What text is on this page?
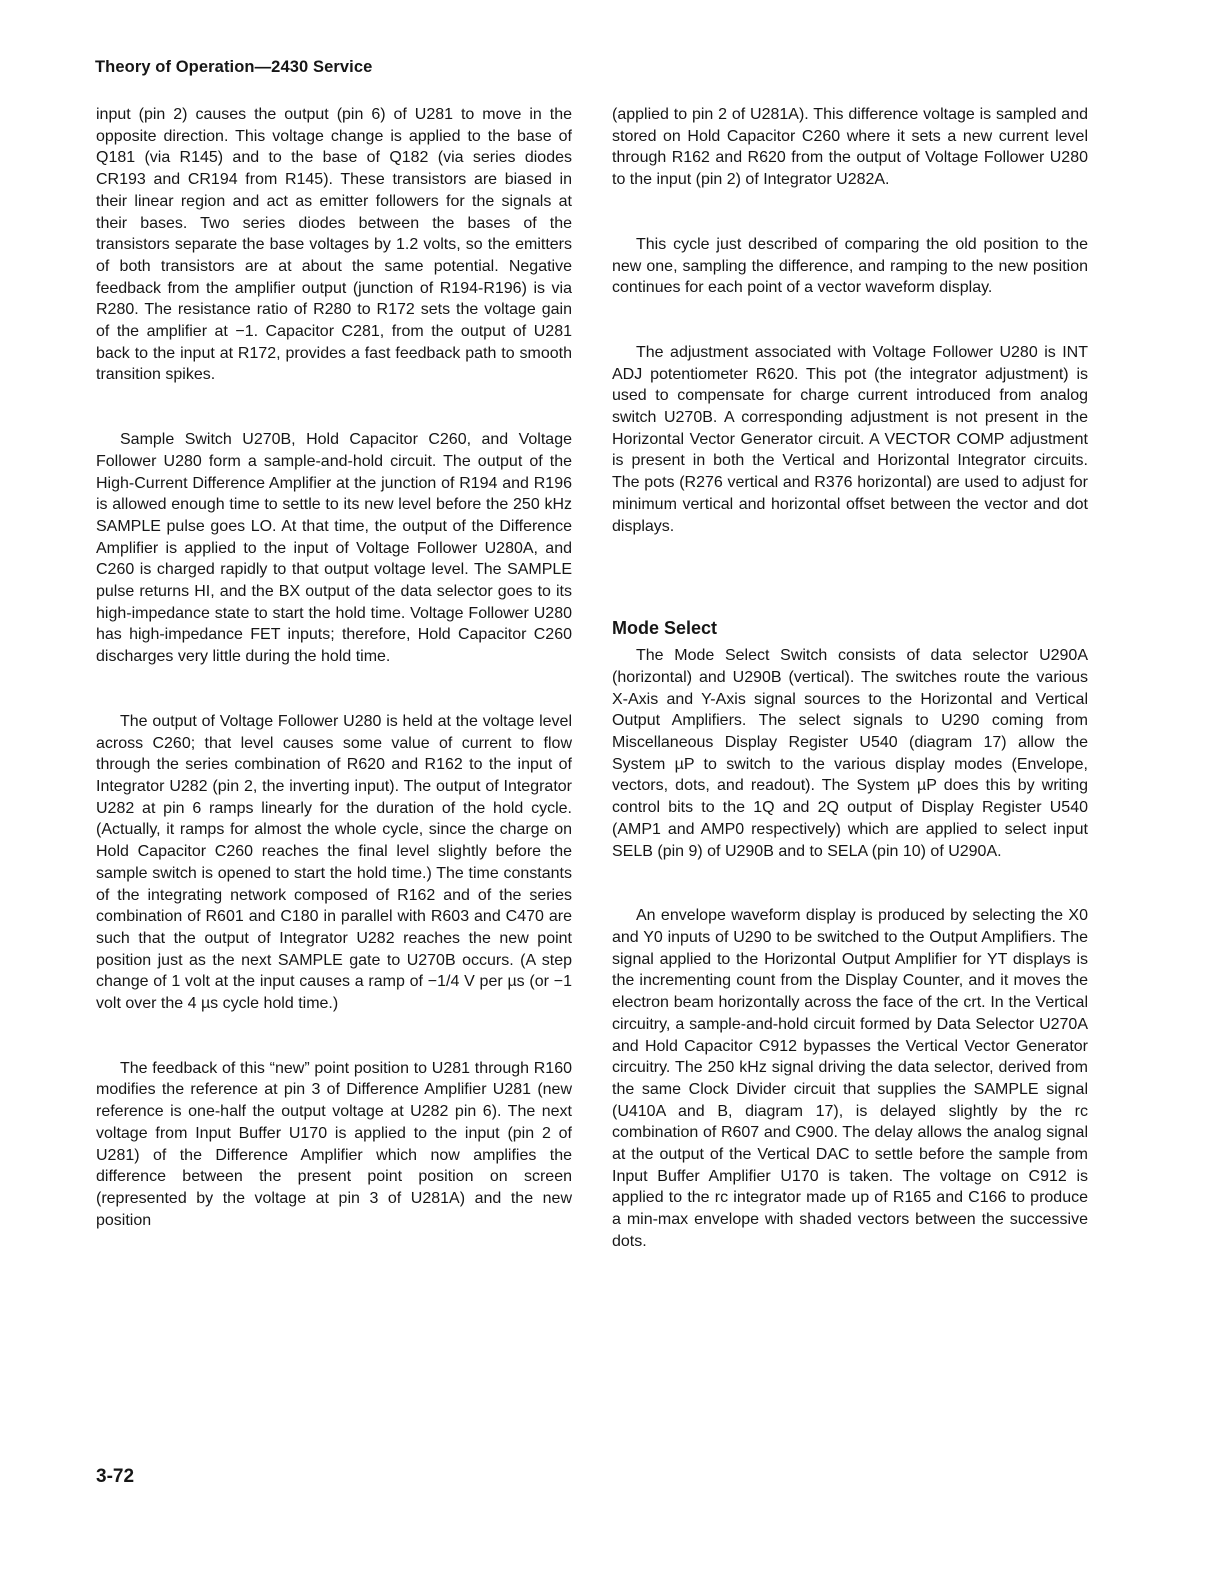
Theory of Operation—2430 Service

input (pin 2) causes the output (pin 6) of U281 to move in the opposite direction. This voltage change is applied to the base of Q181 (via R145) and to the base of Q182 (via series diodes CR193 and CR194 from R145). These transistors are biased in their linear region and act as emitter followers for the signals at their bases. Two series diodes between the bases of the transistors separate the base voltages by 1.2 volts, so the emitters of both transistors are at about the same potential. Negative feedback from the amplifier output (junction of R194-R196) is via R280. The resistance ratio of R280 to R172 sets the voltage gain of the amplifier at −1. Capacitor C281, from the output of U281 back to the input at R172, provides a fast feedback path to smooth transition spikes.

Sample Switch U270B, Hold Capacitor C260, and Voltage Follower U280 form a sample-and-hold circuit. The output of the High-Current Difference Amplifier at the junction of R194 and R196 is allowed enough time to settle to its new level before the 250 kHz SAMPLE pulse goes LO. At that time, the output of the Difference Amplifier is applied to the input of Voltage Follower U280A, and C260 is charged rapidly to that output voltage level. The SAMPLE pulse returns HI, and the BX output of the data selector goes to its high-impedance state to start the hold time. Voltage Follower U280 has high-impedance FET inputs; therefore, Hold Capacitor C260 discharges very little during the hold time.

The output of Voltage Follower U280 is held at the voltage level across C260; that level causes some value of current to flow through the series combination of R620 and R162 to the input of Integrator U282 (pin 2, the inverting input). The output of Integrator U282 at pin 6 ramps linearly for the duration of the hold cycle. (Actually, it ramps for almost the whole cycle, since the charge on Hold Capacitor C260 reaches the final level slightly before the sample switch is opened to start the hold time.) The time constants of the integrating network composed of R162 and of the series combination of R601 and C180 in parallel with R603 and C470 are such that the output of Integrator U282 reaches the new point position just as the next SAMPLE gate to U270B occurs. (A step change of 1 volt at the input causes a ramp of −1/4 V per µs (or −1 volt over the 4 µs cycle hold time.)

The feedback of this “new” point position to U281 through R160 modifies the reference at pin 3 of Difference Amplifier U281 (new reference is one-half the output voltage at U282 pin 6). The next voltage from Input Buffer U170 is applied to the input (pin 2 of U281) of the Difference Amplifier which now amplifies the difference between the present point position on screen (represented by the voltage at pin 3 of U281A) and the new position

(applied to pin 2 of U281A). This difference voltage is sampled and stored on Hold Capacitor C260 where it sets a new current level through R162 and R620 from the output of Voltage Follower U280 to the input (pin 2) of Integrator U282A.

This cycle just described of comparing the old position to the new one, sampling the difference, and ramping to the new position continues for each point of a vector waveform display.

The adjustment associated with Voltage Follower U280 is INT ADJ potentiometer R620. This pot (the integrator adjustment) is used to compensate for charge current introduced from analog switch U270B. A corresponding adjustment is not present in the Horizontal Vector Generator circuit. A VECTOR COMP adjustment is present in both the Vertical and Horizontal Integrator circuits. The pots (R276 vertical and R376 horizontal) are used to adjust for minimum vertical and horizontal offset between the vector and dot displays.

Mode Select

The Mode Select Switch consists of data selector U290A (horizontal) and U290B (vertical). The switches route the various X-Axis and Y-Axis signal sources to the Horizontal and Vertical Output Amplifiers. The select signals to U290 coming from Miscellaneous Display Register U540 (diagram 17) allow the System µP to switch to the various display modes (Envelope, vectors, dots, and readout). The System µP does this by writing control bits to the 1Q and 2Q output of Display Register U540 (AMP1 and AMP0 respectively) which are applied to select input SELB (pin 9) of U290B and to SELA (pin 10) of U290A.

An envelope waveform display is produced by selecting the X0 and Y0 inputs of U290 to be switched to the Output Amplifiers. The signal applied to the Horizontal Output Amplifier for YT displays is the incrementing count from the Display Counter, and it moves the electron beam horizontally across the face of the crt. In the Vertical circuitry, a sample-and-hold circuit formed by Data Selector U270A and Hold Capacitor C912 bypasses the Vertical Vector Generator circuitry. The 250 kHz signal driving the data selector, derived from the same Clock Divider circuit that supplies the SAMPLE signal (U410A and B, diagram 17), is delayed slightly by the rc combination of R607 and C900. The delay allows the analog signal at the output of the Vertical DAC to settle before the sample from Input Buffer Amplifier U170 is taken. The voltage on C912 is applied to the rc integrator made up of R165 and C166 to produce a min-max envelope with shaded vectors between the successive dots.

3-72
